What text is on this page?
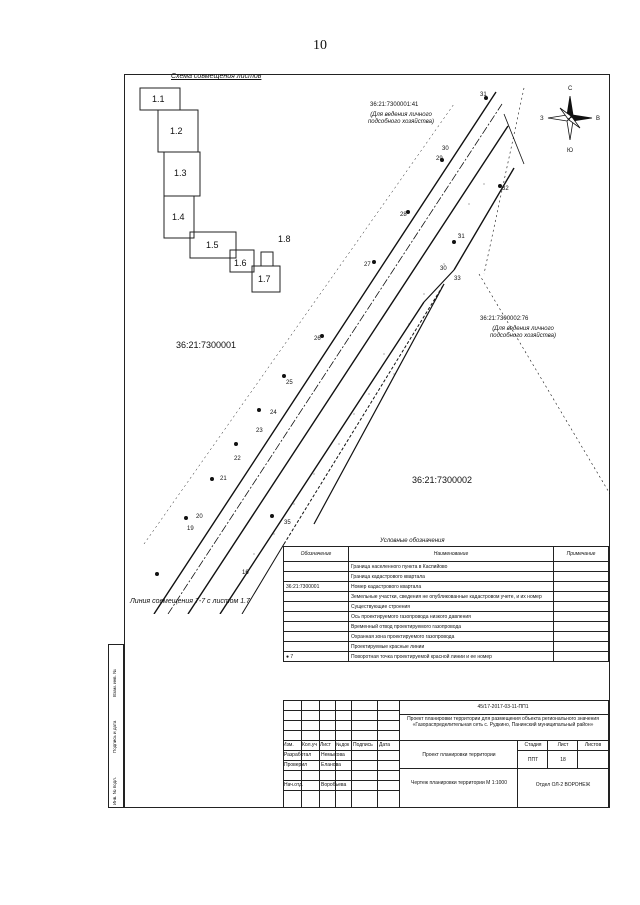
10
Схема совмещения листов
1.1
1.2
1.3
1.4
1.5
1.6
1.7
1.8
16
19
20
21
22
23
24
25
26
27
28
29
30
31
32
31
30
33
35
36:21:7300001
36:21:7300002
36:21:7300001:41
36:21:7300002:76
С
Ю
З	В
(Для ведения личного подсобного хозяйства)
(Для ведения личного подсобного хозяйства)
Линия совмещения 7-7 с листом 1.7
Условные обозначения
Обозначение	Наименование	Примечание
	Граница населенного пункта в Каспийово	
	Граница кадастрового квартала	
36:21:7300001	Номер кадастрового квартала	
	Земельные участки, сведения не опубликованные кадастровом учете, и их номер	
	Существующие строения	
	Ось проектируемого газопровода низкого давления	
	Временный отвод проектируемого газопровода	
	Охранная зона проектируемого газопровода	
	Проектируемые красные линии	
● 7	Поворотная точка проектируемой красной линии и ее номер	
Изм.	Кол.уч Лист	№док Подпись	Дата
Разработал Немыкова
Проверил	Еланова
Нач.отд.	Воробьева
45/17-2017-03-11-ПП1
Проект планировки территории для размещения объекта регионального значения «Газораспределительная сеть с. Рудкино, Панинский муниципальный район»
Проект планировки территории
Стадия	Лист	Листов
ППТ	18
Чертеж планировки территории М 1:1000	Отдел ОЛ-2 ВОРОНЕЖ
Инв. № подл.
Подпись и дата
Взам. инв. №
